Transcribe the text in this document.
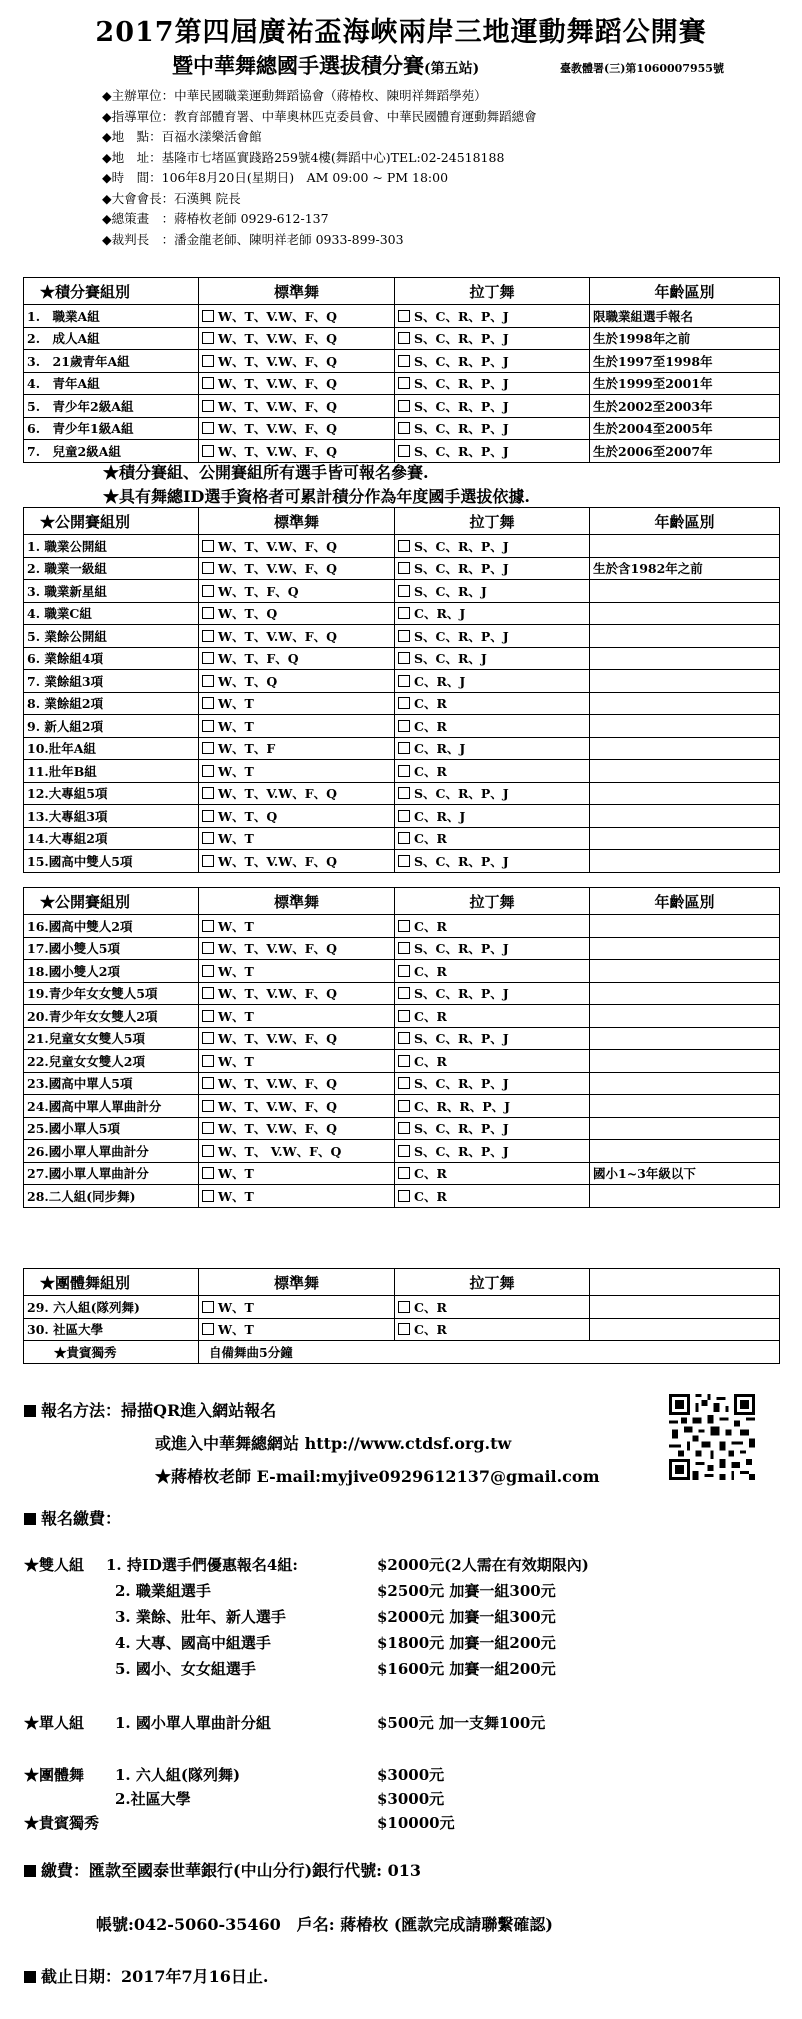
2017第四屆廣祐盃海峽兩岸三地運動舞蹈公開賽
暨中華舞總國手選拔積分賽(第五站)	臺教體署(三)第1060007955號
◆主辦單位：中華民國職業運動舞蹈協會（蔣椿枚、陳明祥舞蹈學苑）
◆指導單位：教育部體育署、中華奧林匹克委員會、中華民國體育運動舞蹈總會
◆地　點：百福水漾樂活會館
◆地　址：基隆市七堵區實踐路259號4樓(舞蹈中心)TEL:02-24518188
◆時　間：106年8月20日(星期日)　AM 09:00 ~ PM 18:00
◆大會會長：石漢興 院長
◆總策畫　：蔣椿枚老師 0929-612-137
◆裁判長　：潘金龍老師、陳明祥老師 0933-899-303
★積分賽組別	標準舞	拉丁舞	年齡區別
1.　職業A組	W、T、V.W、F、Q	S、C、R、P、J	限職業組選手報名
2.　成人A組	W、T、V.W、F、Q	S、C、R、P、J	生於1998年之前
3.　21歲青年A組	W、T、V.W、F、Q	S、C、R、P、J	生於1997至1998年
4.　青年A組	W、T、V.W、F、Q	S、C、R、P、J	生於1999至2001年
5.　青少年2級A組	W、T、V.W、F、Q	S、C、R、P、J	生於2002至2003年
6.　青少年1級A組	W、T、V.W、F、Q	S、C、R、P、J	生於2004至2005年
7.　兒童2級A組	W、T、V.W、F、Q	S、C、R、P、J	生於2006至2007年
★積分賽組、公開賽組所有選手皆可報名參賽.
★具有舞總ID選手資格者可累計積分作為年度國手選拔依據.
★公開賽組別	標準舞	拉丁舞	年齡區別
1. 職業公開組	W、T、V.W、F、Q	S、C、R、P、J	
2. 職業一級組	W、T、V.W、F、Q	S、C、R、P、J	生於含1982年之前
3. 職業新星組	W、T、F、Q	S、C、R、J	
4. 職業C組	W、T、Q	C、R、J	
5. 業餘公開組	W、T、V.W、F、Q	S、C、R、P、J	
6. 業餘組4項	W、T、F、Q	S、C、R、J	
7. 業餘組3項	W、T、Q	C、R、J	
8. 業餘組2項	W、T	C、R	
9. 新人組2項	W、T	C、R	
10.壯年A組	W、T、F	C、R、J	
11.壯年B組	W、T	C、R	
12.大專組5項	W、T、V.W、F、Q	S、C、R、P、J	
13.大專組3項	W、T、Q	C、R、J	
14.大專組2項	W、T	C、R	
15.國高中雙人5項	W、T、V.W、F、Q	S、C、R、P、J	
★公開賽組別	標準舞	拉丁舞	年齡區別
16.國高中雙人2項	W、T	C、R	
17.國小雙人5項	W、T、V.W、F、Q	S、C、R、P、J	
18.國小雙人2項	W、T	C、R	
19.青少年女女雙人5項	W、T、V.W、F、Q	S、C、R、P、J	
20.青少年女女雙人2項	W、T	C、R	
21.兒童女女雙人5項	W、T、V.W、F、Q	S、C、R、P、J	
22.兒童女女雙人2項	W、T	C、R	
23.國高中單人5項	W、T、V.W、F、Q	S、C、R、P、J	
24.國高中單人單曲計分	W、T、V.W、F、Q	C、R、R、P、J	
25.國小單人5項	W、T、V.W、F、Q	S、C、R、P、J	
26.國小單人單曲計分	W、T、 V.W、F、Q	S、C、R、P、J	
27.國小單人單曲計分	W、T	C、R	國小1~3年級以下
28.二人組(同步舞)	W、T	C、R	
★團體舞組別	標準舞	拉丁舞	
29. 六人組(隊列舞)	W、T	C、R	
30. 社區大學	W、T	C、R	
★貴賓獨秀	自備舞曲5分鐘		
報名方法：掃描QR進入網站報名
或進入中華舞總網站 http://www.ctdsf.org.tw
★蔣椿枚老師 E-mail:myjive0929612137@gmail.com
報名繳費：
★雙人組 1. 持ID選手們優惠報名4組:	$2000元(2人需在有效期限內)
2. 職業組選手	$2500元 加賽一組300元
3. 業餘、壯年、新人選手	$2000元 加賽一組300元
4. 大專、國高中組選手	$1800元 加賽一組200元
5. 國小、女女組選手	$1600元 加賽一組200元
★單人組 1. 國小單人單曲計分組	$500元 加一支舞100元
★團體舞 1. 六人組(隊列舞)	$3000元
2.社區大學	$3000元
★貴賓獨秀	$10000元
繳費：匯款至國泰世華銀行(中山分行)銀行代號: 013
帳號:042-5060-35460　戶名: 蔣椿枚 (匯款完成請聯繫確認)
截止日期：2017年7月16日止.
